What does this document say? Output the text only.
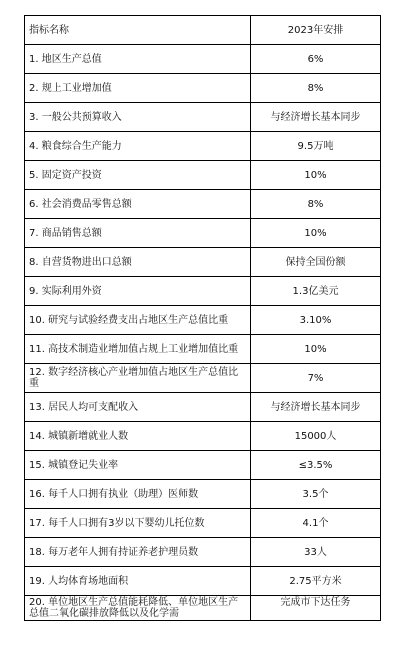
指标名称	2023年安排
1. 地区生产总值	6%
2. 规上工业增加值	8%
3. 一般公共预算收入	与经济增长基本同步
4. 粮食综合生产能力	9.5万吨
5. 固定资产投资	10%
6. 社会消费品零售总额	8%
7. 商品销售总额	10%
8. 自营货物进出口总额	保持全国份额
9. 实际利用外资	1.3亿美元
10. 研究与试验经费支出占地区生产总值比重	3.10%
11. 高技术制造业增加值占规上工业增加值比重	10%
12. 数字经济核心产业增加值占地区生产总值比重	7%
13. 居民人均可支配收入	与经济增长基本同步
14. 城镇新增就业人数	15000人
15. 城镇登记失业率	≤3.5%
16. 每千人口拥有执业（助理）医师数	3.5个
17. 每千人口拥有3岁以下婴幼儿托位数	4.1个
18. 每万老年人拥有持证养老护理员数	33人
19. 人均体育场地面积	2.75平方米
20. 单位地区生产总值能耗降低、单位地区生产总值二氧化碳排放降低以及化学需	完成市下达任务
